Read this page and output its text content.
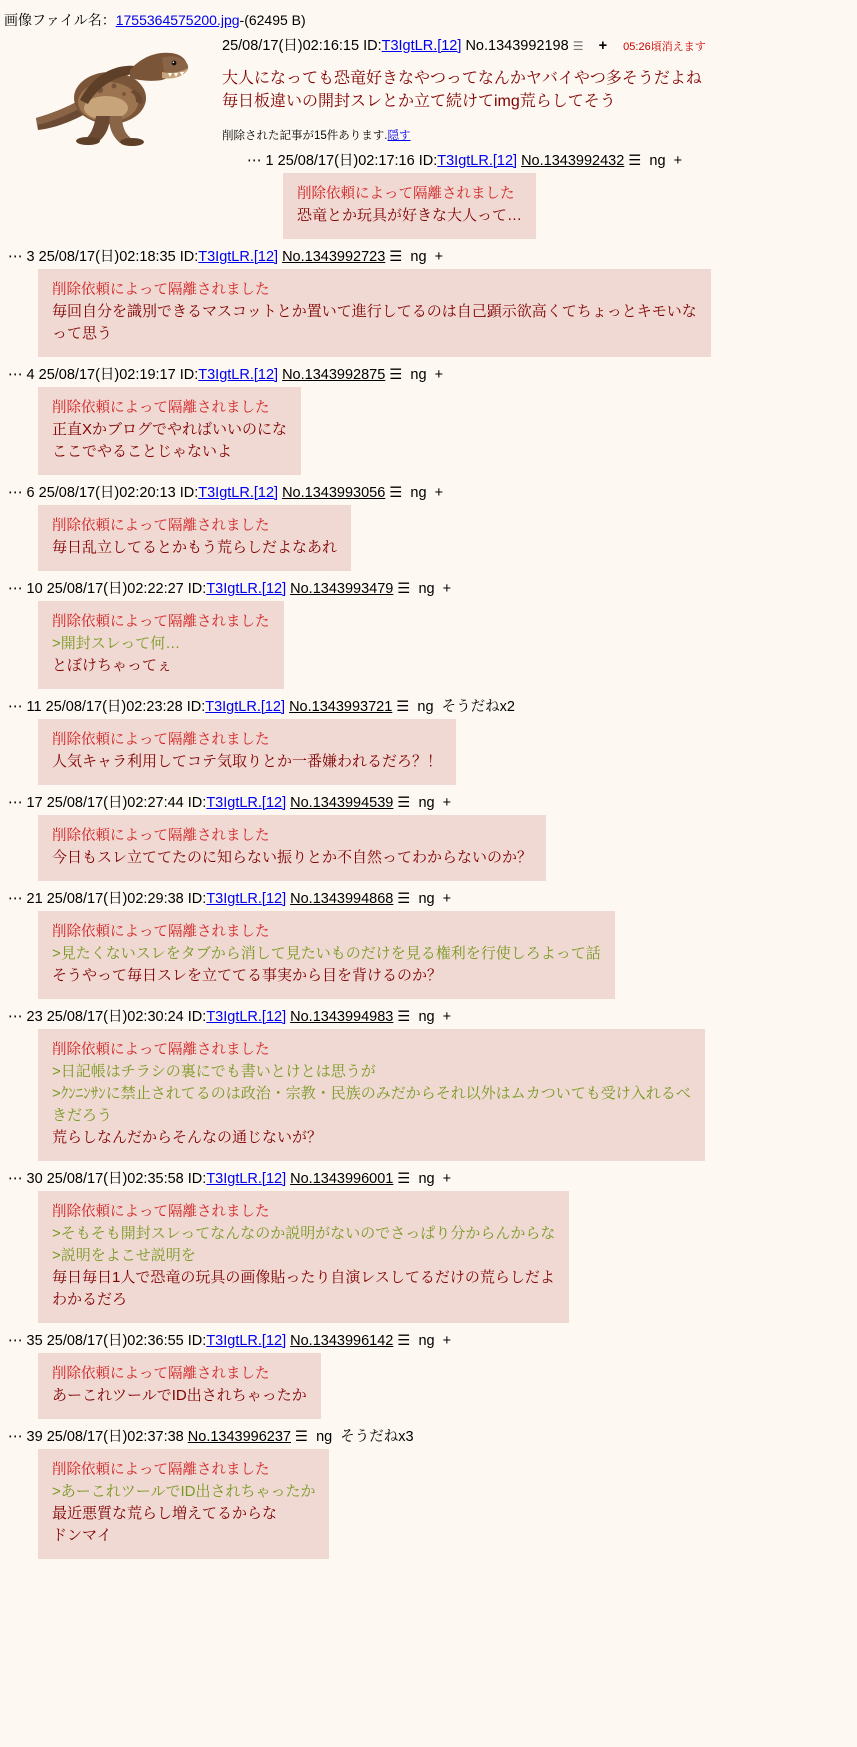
画像ファイル名：1755364575200.jpg-(62495 B)
25/08/17(日)02:16:15 ID:T3IgtLR.[12] No.1343992198 ☰ + 05:26頃消えます
大人になっても恐竜好きなやつってなんかヤバイやつ多そうだよね
毎日板違いの開封スレとか立て続けてimg荒らしてそう
削除された記事が15件あります.隠す
⋯ 1 25/08/17(日)02:17:16 ID:T3IgtLR.[12] No.1343992432 ☰ ng +
削除依頼によって隔離されました
恐竜とか玩具が好きな大人って…
⋯ 3 25/08/17(日)02:18:35 ID:T3IgtLR.[12] No.1343992723 ☰ ng +
削除依頼によって隔離されました
毎回自分を識別できるマスコットとか置いて進行してるのは自己顕示欲高くてちょっとキモいな
って思う
⋯ 4 25/08/17(日)02:19:17 ID:T3IgtLR.[12] No.1343992875 ☰ ng +
削除依頼によって隔離されました
正直Xかブログでやればいいのにな
ここでやることじゃないよ
⋯ 6 25/08/17(日)02:20:13 ID:T3IgtLR.[12] No.1343993056 ☰ ng +
削除依頼によって隔離されました
毎日乱立してるとかもう荒らしだよなあれ
⋯ 10 25/08/17(日)02:22:27 ID:T3IgtLR.[12] No.1343993479 ☰ ng +
削除依頼によって隔離されました
>開封スレって何…
とぼけちゃってぇ
⋯ 11 25/08/17(日)02:23:28 ID:T3IgtLR.[12] No.1343993721 ☰ ng そうだねx2
削除依頼によって隔離されました
人気キャラ利用してコテ気取りとか一番嫌われるだろ？！
⋯ 17 25/08/17(日)02:27:44 ID:T3IgtLR.[12] No.1343994539 ☰ ng +
削除依頼によって隔離されました
今日もスレ立ててたのに知らない振りとか不自然ってわからないのか？
⋯ 21 25/08/17(日)02:29:38 ID:T3IgtLR.[12] No.1343994868 ☰ ng +
削除依頼によって隔離されました
>見たくないスレをタブから消して見たいものだけを見る権利を行使しろよって話
そうやって毎日スレを立ててる事実から目を背けるのか？
⋯ 23 25/08/17(日)02:30:24 ID:T3IgtLR.[12] No.1343994983 ☰ ng +
削除依頼によって隔離されました
>日記帳はチラシの裏にでも書いとけとは思うが
>ｸﾝﾆﾝｻﾝに禁止されてるのは政治・宗教・民族のみだからそれ以外はムカついても受け入れるべ
きだろう
荒らしなんだからそんなの通じないが？
⋯ 30 25/08/17(日)02:35:58 ID:T3IgtLR.[12] No.1343996001 ☰ ng +
削除依頼によって隔離されました
>そもそも開封スレってなんなのか説明がないのでさっぱり分からんからな
>説明をよこせ説明を
毎日毎日1人で恐竜の玩具の画像貼ったり自演レスしてるだけの荒らしだよ
わかるだろ
⋯ 35 25/08/17(日)02:36:55 ID:T3IgtLR.[12] No.1343996142 ☰ ng +
削除依頼によって隔離されました
あーこれツールでID出されちゃったか
⋯ 39 25/08/17(日)02:37:38 No.1343996237 ☰ ng そうだねx3
削除依頼によって隔離されました
>あーこれツールでID出されちゃったか
最近悪質な荒らし増えてるからな
ドンマイ
